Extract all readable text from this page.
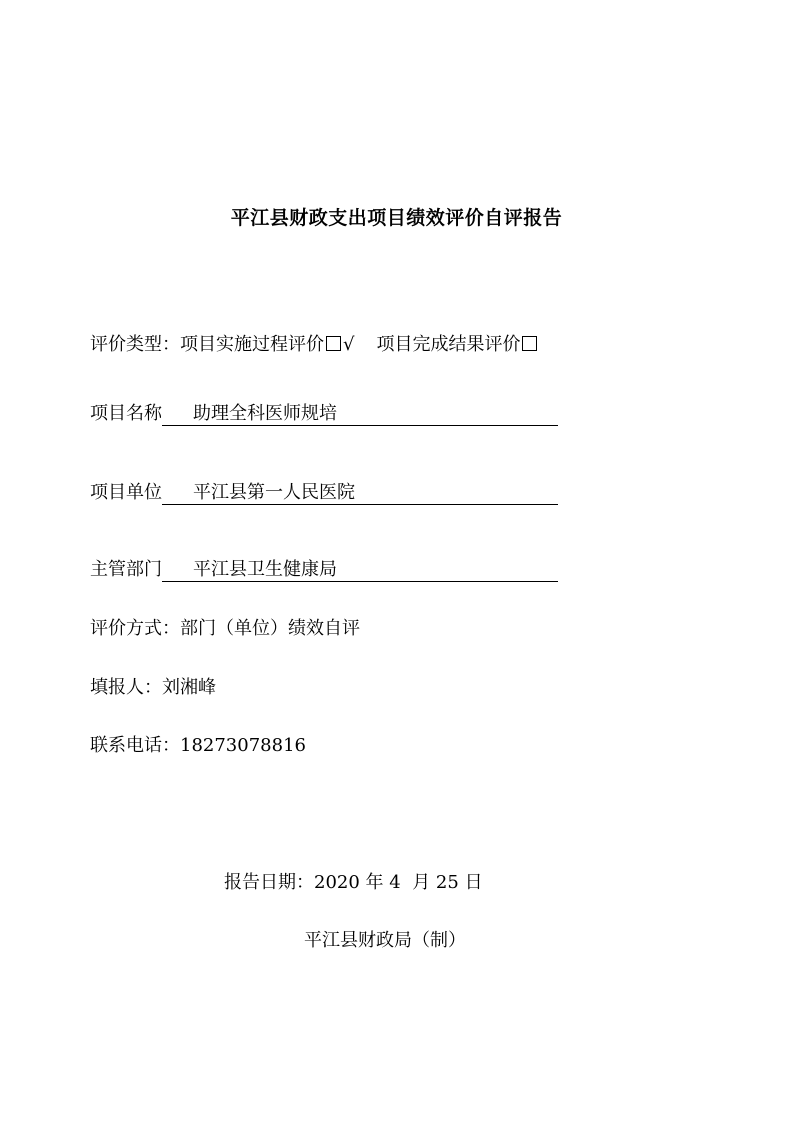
平江县财政支出项目绩效评价自评报告
评价类型：项目实施过程评价 √ 项目完成结果评价
项目名称 助理全科医师规培
项目单位 平江县第一人民医院
主管部门 平江县卫生健康局
评价方式：部门（单位）绩效自评
填报人：刘湘峰
联系电话：18273078816
报告日期：2020 年 4 月 25 日
平江县财政局（制）
